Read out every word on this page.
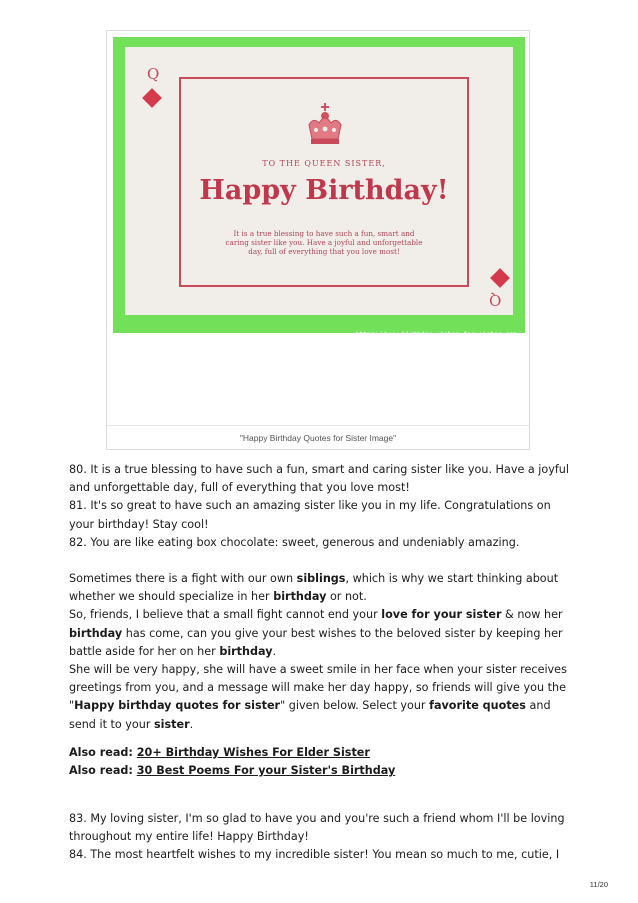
Q
Q
TO THE QUEEN SISTER,
Happy Birthday!
It is a true blessing to have such a fun, smart and caring sister like you. Have a joyful and unforgettable day, full of everything that you love most!
https://www.birthday-wishes-for-sister.com
"Happy Birthday Quotes for Sister Image"

80. It is a true blessing to have such a fun, smart and caring sister like you. Have a joyful and unforgettable day, full of everything that you love most!

81. It's so great to have such an amazing sister like you in my life. Congratulations on your birthday! Stay cool!

82. You are like eating box chocolate: sweet, generous and undeniably amazing.

Sometimes there is a fight with our own siblings, which is why we start thinking about whether we should specialize in her birthday or not.

So, friends, I believe that a small fight cannot end your love for your sister & now her birthday has come, can you give your best wishes to the beloved sister by keeping her battle aside for her on her birthday.

She will be very happy, she will have a sweet smile in her face when your sister receives greetings from you, and a message will make her day happy, so friends will give you the "Happy birthday quotes for sister" given below. Select your favorite quotes and send it to your sister.

Also read: 20+ Birthday Wishes For Elder Sister

Also read: 30 Best Poems For your Sister's Birthday

83. My loving sister, I'm so glad to have you and you're such a friend whom I'll be loving throughout my entire life! Happy Birthday!

84. The most heartfelt wishes to my incredible sister! You mean so much to me, cutie, I

11/20
